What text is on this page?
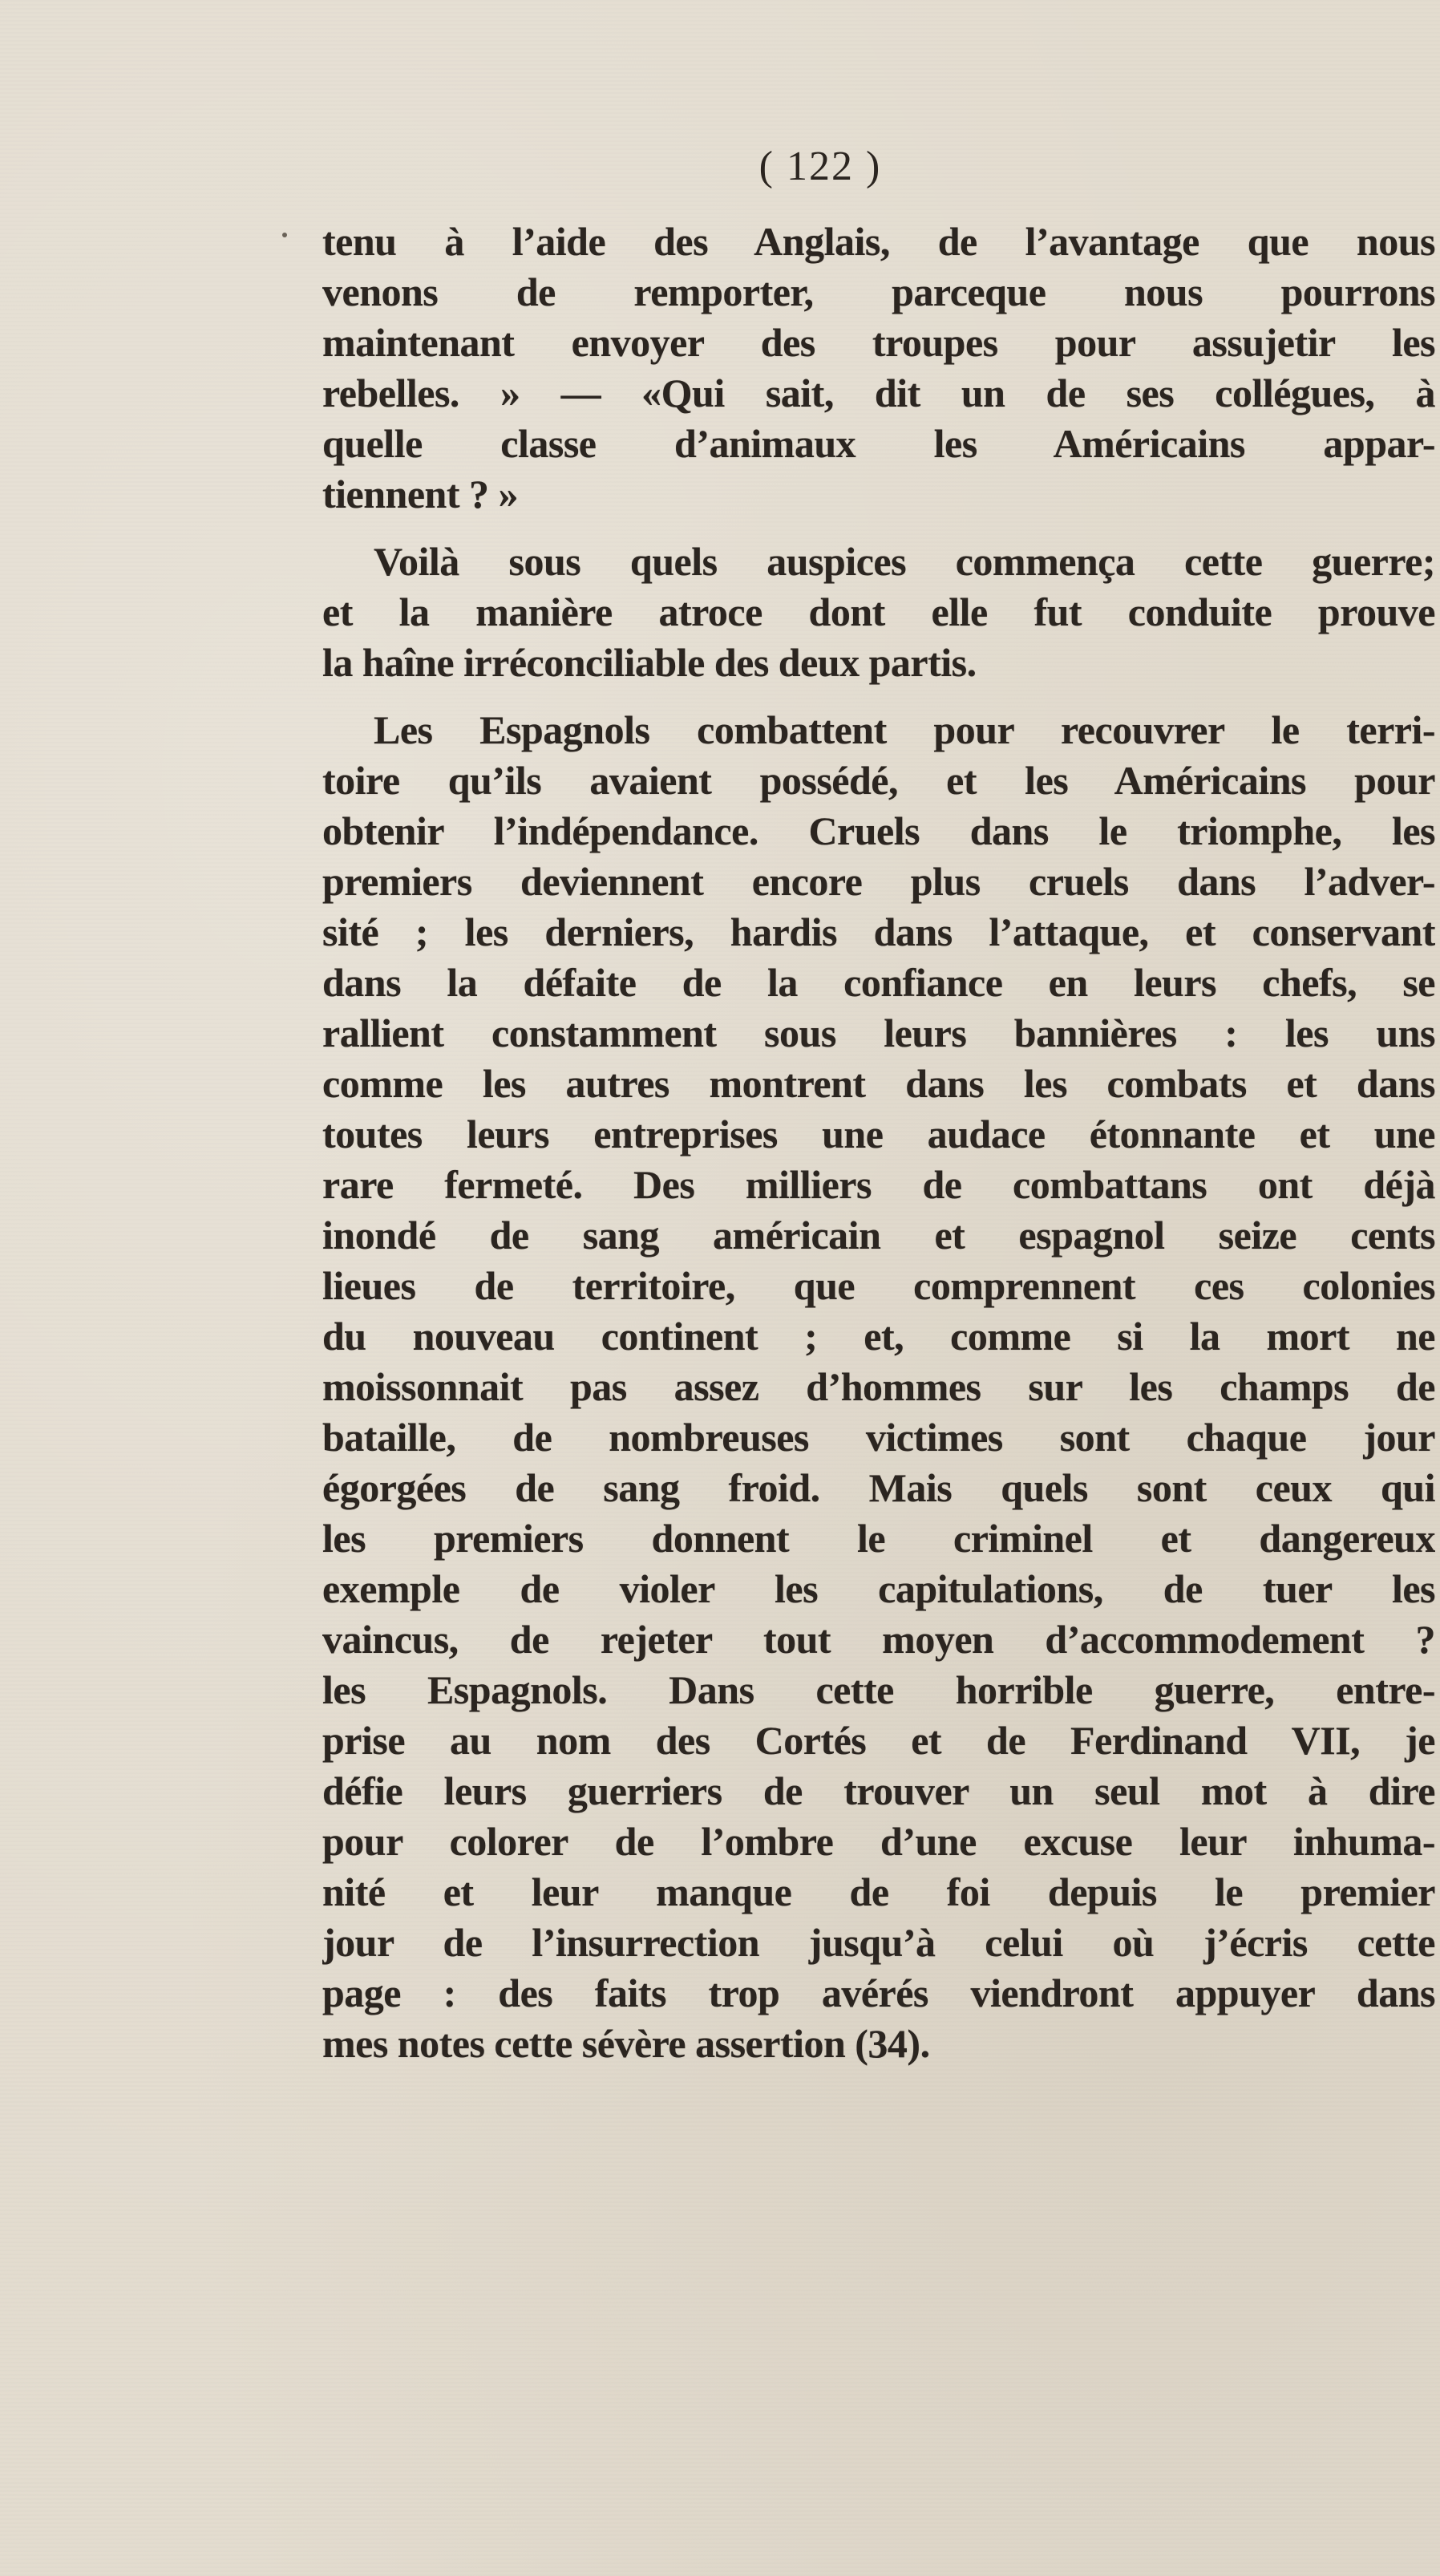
( 122 )
tenu à l’aide des Anglais, de l’avantage que nous
venons de remporter, parceque nous pourrons
maintenant envoyer des troupes pour assujetir les
rebelles. » — «Qui sait, dit un de ses collégues, à
quelle classe d’animaux les Américains appar-
tiennent ? »
Voilà sous quels auspices commença cette guerre;
et la manière atroce dont elle fut conduite prouve
la haîne irréconciliable des deux partis.
Les Espagnols combattent pour recouvrer le terri-
toire qu’ils avaient possédé, et les Américains pour
obtenir l’indépendance. Cruels dans le triomphe, les
premiers deviennent encore plus cruels dans l’adver-
sité ; les derniers, hardis dans l’attaque, et conservant
dans la défaite de la confiance en leurs chefs, se
rallient constamment sous leurs bannières : les uns
comme les autres montrent dans les combats et dans
toutes leurs entreprises une audace étonnante et une
rare fermeté. Des milliers de combattans ont déjà
inondé de sang américain et espagnol seize cents
lieues de territoire, que comprennent ces colonies
du nouveau continent ; et, comme si la mort ne
moissonnait pas assez d’hommes sur les champs de
bataille, de nombreuses victimes sont chaque jour
égorgées de sang froid. Mais quels sont ceux qui
les premiers donnent le criminel et dangereux
exemple de violer les capitulations, de tuer les
vaincus, de rejeter tout moyen d’accommodement ?
les Espagnols. Dans cette horrible guerre, entre-
prise au nom des Cortés et de Ferdinand VII, je
défie leurs guerriers de trouver un seul mot à dire
pour colorer de l’ombre d’une excuse leur inhuma-
nité et leur manque de foi depuis le premier
jour de l’insurrection jusqu’à celui où j’écris cette
page : des faits trop avérés viendront appuyer dans
mes notes cette sévère assertion (34).
